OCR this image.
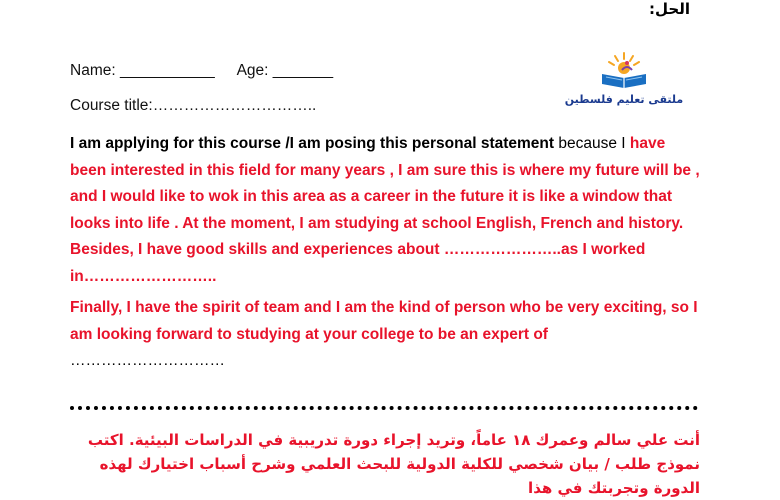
الحل:
Name: ___________ Age: _______
Course title:…………………………..	ملتقى تعليم فلسطين
I am applying for this course /I am posing this personal statement because I have been interested in this field for many years , I am sure this is where my future will be , and I would like to wok in this area as a career in the future it is like a window that looks into life . At the moment, I am studying at school English, French and history. Besides, I have good skills and experiences about …………………..as I worked in……………………..
Finally, I have the spirit of team and I am the kind of person who be very exciting, so I am looking forward to studying at your college to be an expert of
…………………………
أنت علي سالم وعمرك ١٨ عاماً، وتريد إجراء دورة تدريبية في الدراسات البيئية. اكتب نموذج طلب / بيان شخصي للكلية الدولية للبحث العلمي وشرح أسباب اختيارك لهذه الدورة وتجربتك في هذا
